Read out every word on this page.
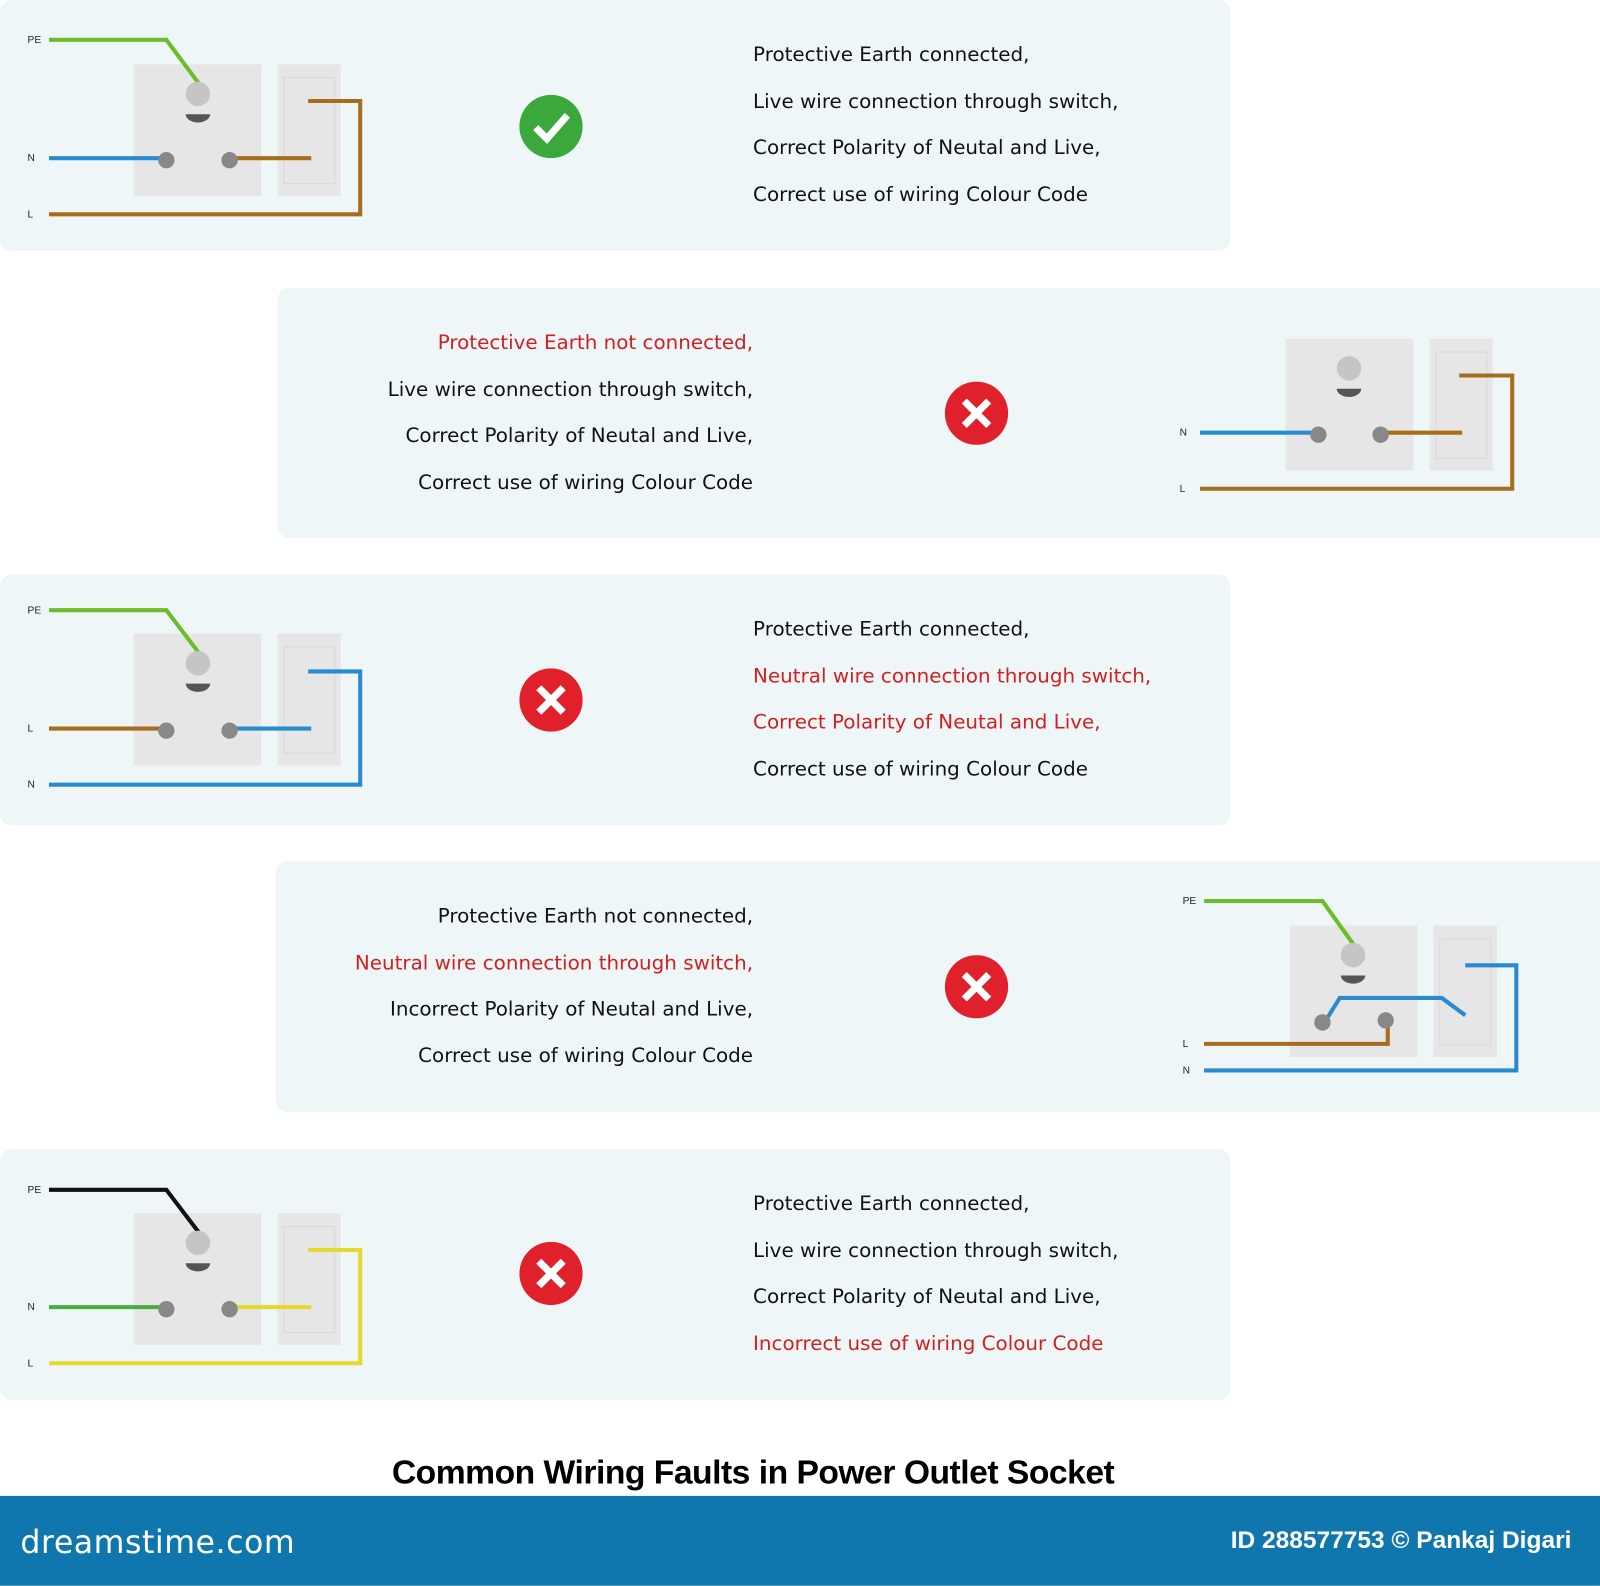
PE
N
L
Protective Earth connected,
Live wire connection through switch,
Correct Polarity of Neutal and Live,
Correct use of wiring Colour Code
Protective Earth not connected,
Live wire connection through switch,
Correct Polarity of Neutal and Live,
Correct use of wiring Colour Code
N
L
PE
L
N
Protective Earth connected,
Neutral wire connection through switch,
Correct Polarity of Neutal and Live,
Correct use of wiring Colour Code
Protective Earth not connected,
Neutral wire connection through switch,
Incorrect Polarity of Neutal and Live,
Correct use of wiring Colour Code
PE
L
N
PE
N
L
Protective Earth connected,
Live wire connection through switch,
Correct Polarity of Neutal and Live,
Incorrect use of wiring Colour Code
Common Wiring Faults in Power Outlet Socket
dreamstime.com	ID 288577753 © Pankaj Digari
